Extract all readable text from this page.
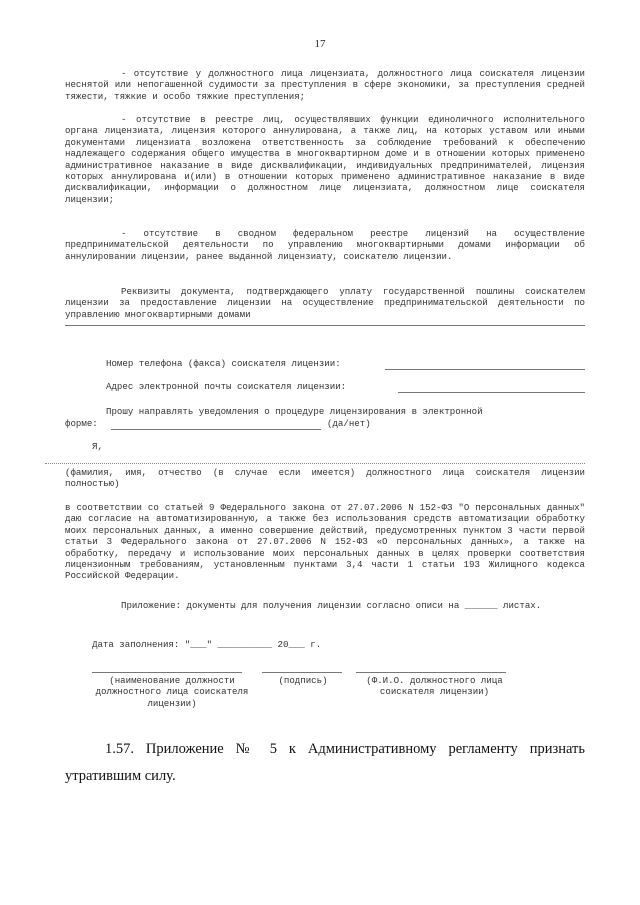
17
- отсутствие у должностного лица лицензиата, должностного лица соискателя лицензии неснятой или непогашенной судимости за преступления в сфере экономики, за преступления средней тяжести, тяжкие и особо тяжкие преступления;
- отсутствие в реестре лиц, осуществлявших функции единоличного исполнительного органа лицензиата, лицензия которого аннулирована, а также лиц, на которых уставом или иными документами лицензиата возложена ответственность за соблюдение требований к обеспечению надлежащего содержания общего имущества в многоквартирном доме и в отношении которых применено административное наказание в виде дисквалификации, индивидуальных предпринимателей, лицензия которых аннулирована и(или) в отношении которых применено административное наказание в виде дисквалификации, информации о должностном лице лицензиата, должностном лице соискателя лицензии;
- отсутствие в сводном федеральном реестре лицензий на осуществление предпринимательской деятельности по управлению многоквартирными домами информации об аннулировании лицензии, ранее выданной лицензиату, соискателю лицензии.
Реквизиты документа, подтверждающего уплату государственной пошлины соискателем лицензии за предоставление лицензии на осуществление предпринимательской деятельности по управлению многоквартирными домами
Номер телефона (факса) соискателя лицензии:
Адрес электронной почты соискателя лицензии:
Прошу направлять уведомления о процедуре лицензирования в электронной
форме:	(да/нет)
Я,
(фамилия, имя, отчество (в случае если имеется) должностного лица соискателя лицензии полностью)
в соответствии со статьей 9 Федерального закона от 27.07.2006 N 152-ФЗ "О персональных данных" даю согласие на автоматизированную, а также без использования средств автоматизации обработку моих персональных данных, а именно совершение действий, предусмотренных пунктом 3 части первой статьи 3 Федерального закона от 27.07.2006 N 152-ФЗ «О персональных данных», а также на обработку, передачу и использование моих персональных данных в целях проверки соответствия лицензионным требованиям, установленным пунктами 3,4 части 1 статьи 193 Жилищного кодекса Российской Федерации.
Приложение: документы для получения лицензии согласно описи на ______ листах.
Дата заполнения: "___" __________ 20___ г.
(наименование должности должностного лица соискателя лицензии)
(подпись)	(Ф.И.О. должностного лица соискателя лицензии)
1.57. Приложение № 5 к Административному регламенту признать утратившим силу.
